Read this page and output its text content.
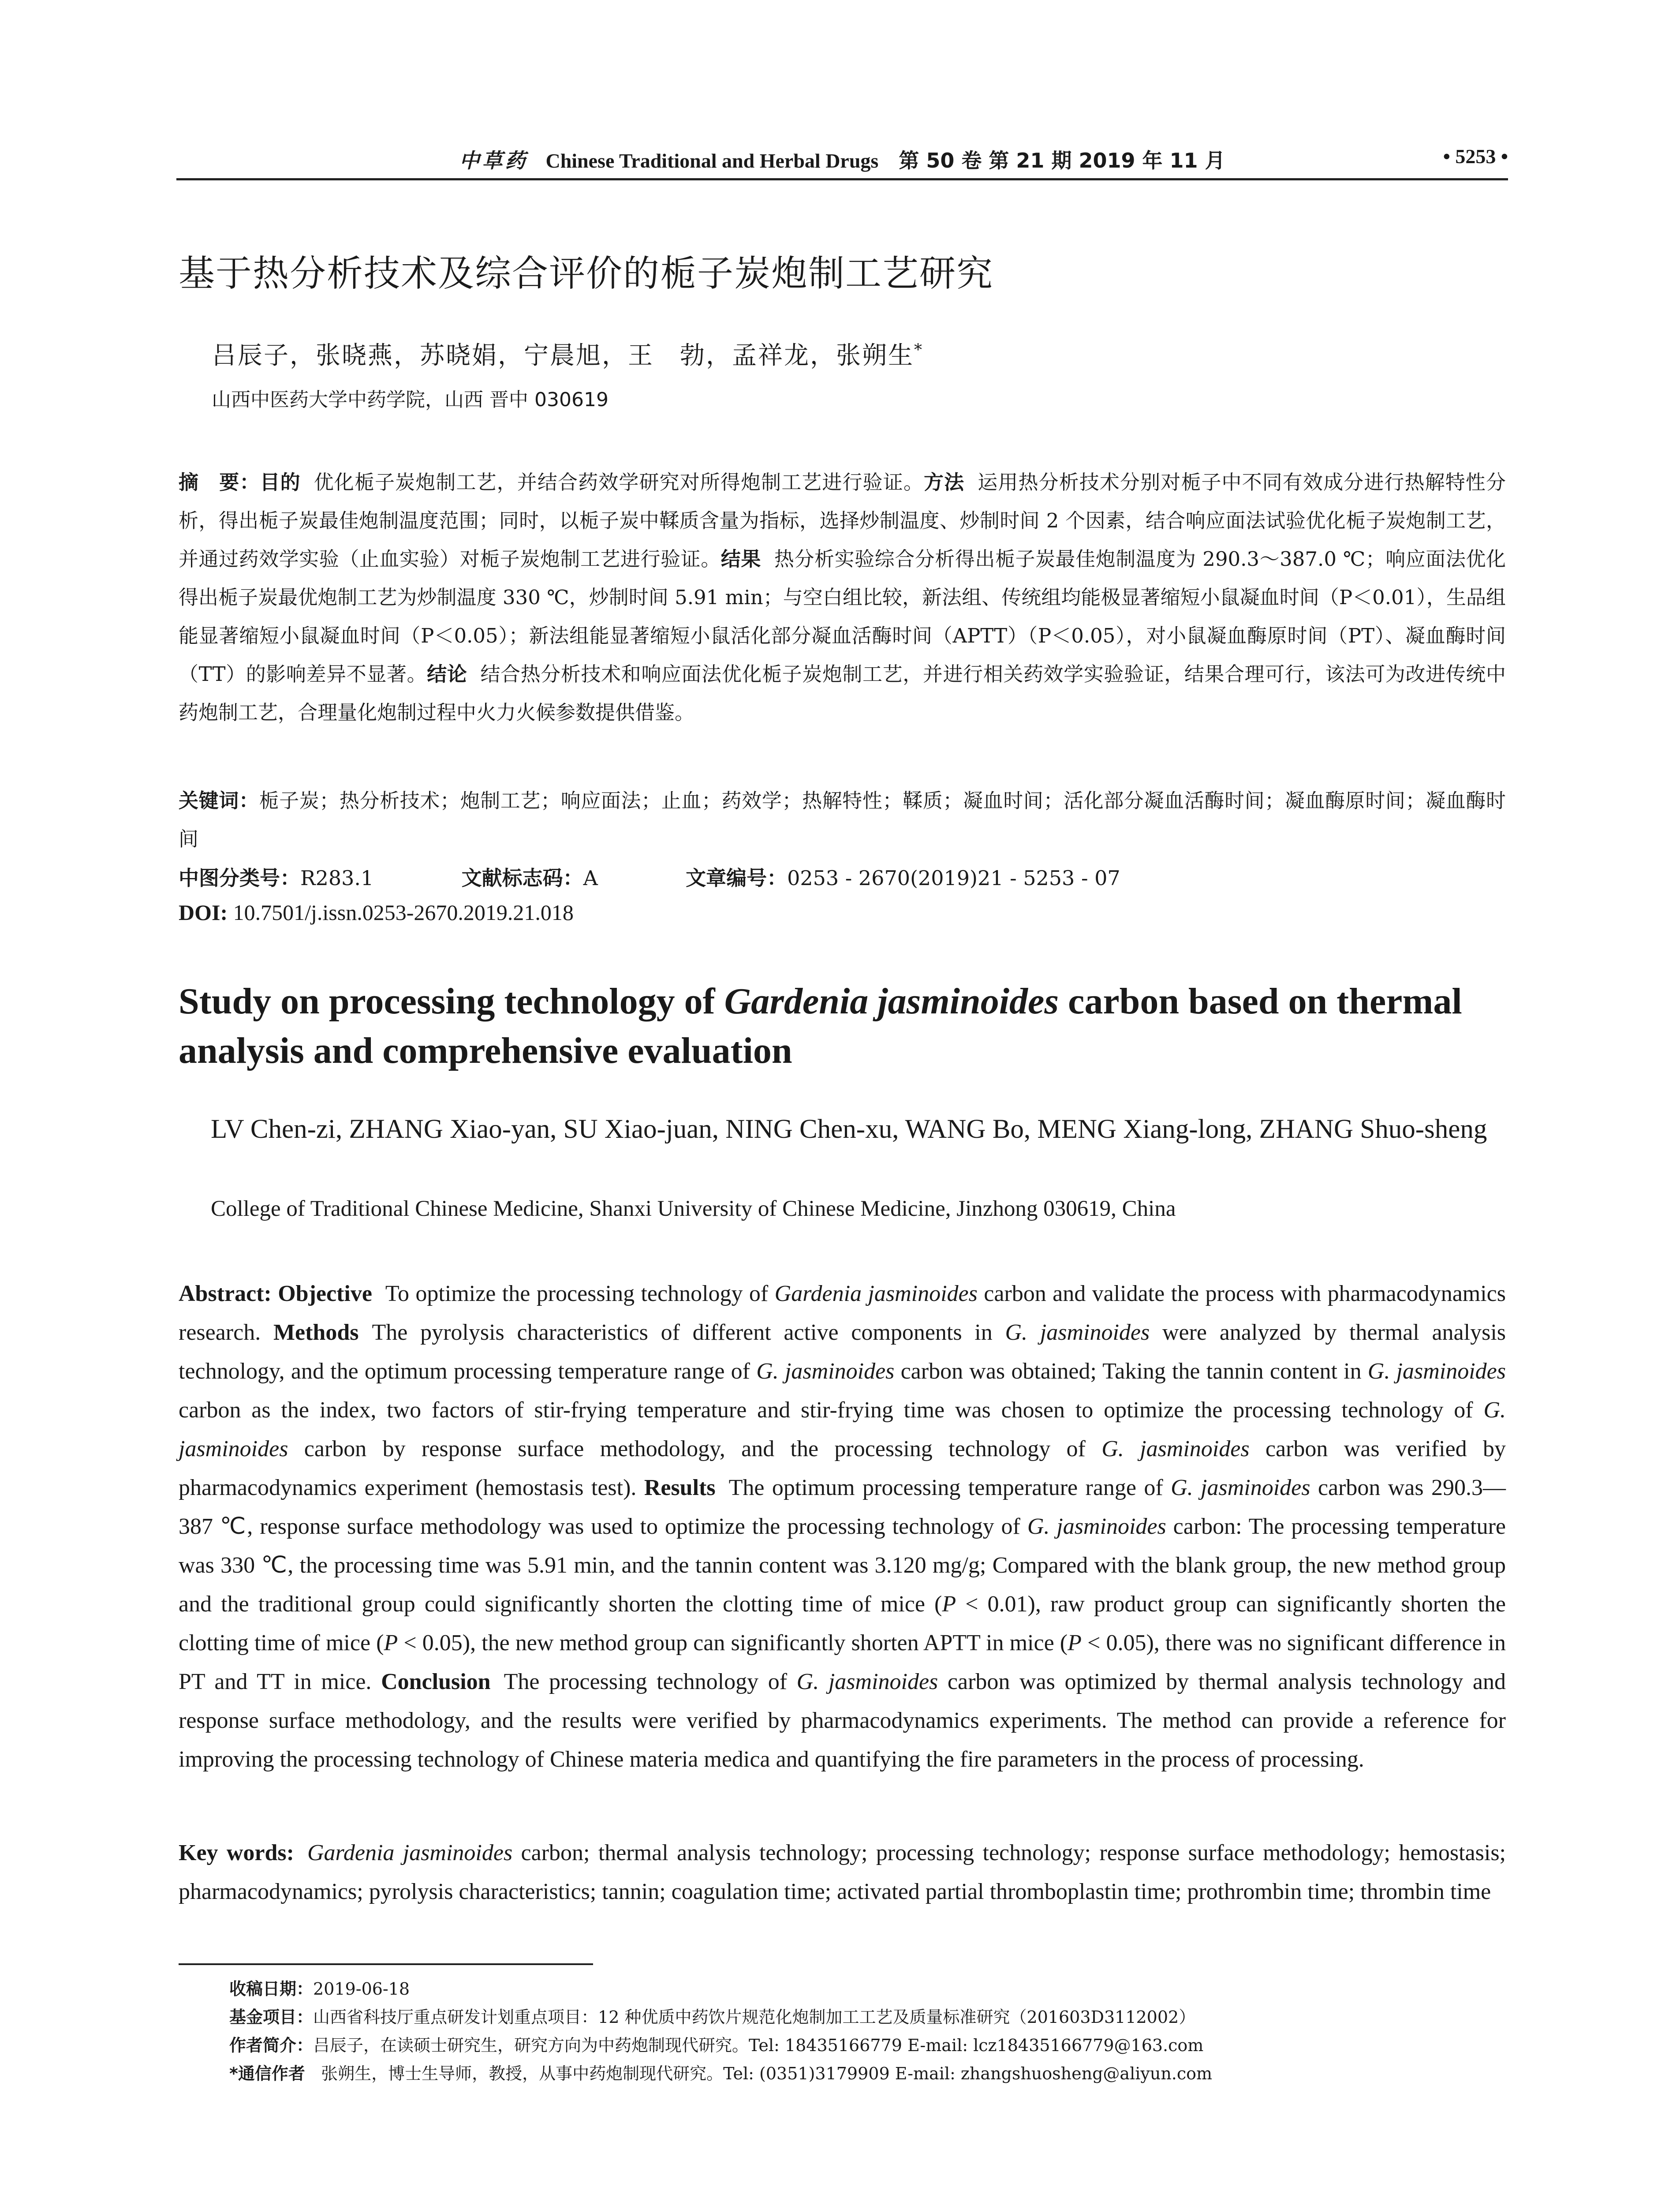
中草药 Chinese Traditional and Herbal Drugs 第 50 卷 第 21 期 2019 年 11 月	• 5253 •
基于热分析技术及综合评价的栀子炭炮制工艺研究
吕辰子，张晓燕，苏晓娟，宁晨旭，王　勃，孟祥龙，张朔生*
山西中医药大学中药学院，山西 晋中 030619
摘　要：目的 优化栀子炭炮制工艺，并结合药效学研究对所得炮制工艺进行验证。方法 运用热分析技术分别对栀子中不同有效成分进行热解特性分析，得出栀子炭最佳炮制温度范围；同时，以栀子炭中鞣质含量为指标，选择炒制温度、炒制时间 2 个因素，结合响应面法试验优化栀子炭炮制工艺，并通过药效学实验（止血实验）对栀子炭炮制工艺进行验证。结果 热分析实验综合分析得出栀子炭最佳炮制温度为 290.3～387.0 ℃；响应面法优化得出栀子炭最优炮制工艺为炒制温度 330 ℃，炒制时间 5.91 min；与空白组比较，新法组、传统组均能极显著缩短小鼠凝血时间（P＜0.01），生品组能显著缩短小鼠凝血时间（P＜0.05）；新法组能显著缩短小鼠活化部分凝血活酶时间（APTT）（P＜0.05），对小鼠凝血酶原时间（PT）、凝血酶时间（TT）的影响差异不显著。结论 结合热分析技术和响应面法优化栀子炭炮制工艺，并进行相关药效学实验验证，结果合理可行，该法可为改进传统中药炮制工艺，合理量化炮制过程中火力火候参数提供借鉴。
关键词：栀子炭；热分析技术；炮制工艺；响应面法；止血；药效学；热解特性；鞣质；凝血时间；活化部分凝血活酶时间；凝血酶原时间；凝血酶时间
中图分类号：R283.1	文献标志码：A	文章编号：0253 - 2670(2019)21 - 5253 - 07
DOI: 10.7501/j.issn.0253-2670.2019.21.018
Study on processing technology of Gardenia jasminoides carbon based on thermal analysis and comprehensive evaluation
LV Chen-zi, ZHANG Xiao-yan, SU Xiao-juan, NING Chen-xu, WANG Bo, MENG Xiang-long, ZHANG Shuo-sheng
College of Traditional Chinese Medicine, Shanxi University of Chinese Medicine, Jinzhong 030619, China
Abstract: Objective To optimize the processing technology of Gardenia jasminoides carbon and validate the process with pharmacodynamics research. Methods The pyrolysis characteristics of different active components in G. jasminoides were analyzed by thermal analysis technology, and the optimum processing temperature range of G. jasminoides carbon was obtained; Taking the tannin content in G. jasminoides carbon as the index, two factors of stir-frying temperature and stir-frying time was chosen to optimize the processing technology of G. jasminoides carbon by response surface methodology, and the processing technology of G. jasminoides carbon was verified by pharmacodynamics experiment (hemostasis test). Results The optimum processing temperature range of G. jasminoides carbon was 290.3—387 ℃, response surface methodology was used to optimize the processing technology of G. jasminoides carbon: The processing temperature was 330 ℃, the processing time was 5.91 min, and the tannin content was 3.120 mg/g; Compared with the blank group, the new method group and the traditional group could significantly shorten the clotting time of mice (P < 0.01), raw product group can significantly shorten the clotting time of mice (P < 0.05), the new method group can significantly shorten APTT in mice (P < 0.05), there was no significant difference in PT and TT in mice. Conclusion The processing technology of G. jasminoides carbon was optimized by thermal analysis technology and response surface methodology, and the results were verified by pharmacodynamics experiments. The method can provide a reference for improving the processing technology of Chinese materia medica and quantifying the fire parameters in the process of processing.
Key words: Gardenia jasminoides carbon; thermal analysis technology; processing technology; response surface methodology; hemostasis; pharmacodynamics; pyrolysis characteristics; tannin; coagulation time; activated partial thromboplastin time; prothrombin time; thrombin time
收稿日期：2019-06-18
基金项目：山西省科技厅重点研发计划重点项目：12 种优质中药饮片规范化炮制加工工艺及质量标准研究（201603D3112002）
作者简介：吕辰子，在读硕士研究生，研究方向为中药炮制现代研究。Tel: 18435166779 E-mail: lcz18435166779@163.com
*通信作者 张朔生，博士生导师，教授，从事中药炮制现代研究。Tel: (0351)3179909 E-mail: zhangshuosheng@aliyun.com
